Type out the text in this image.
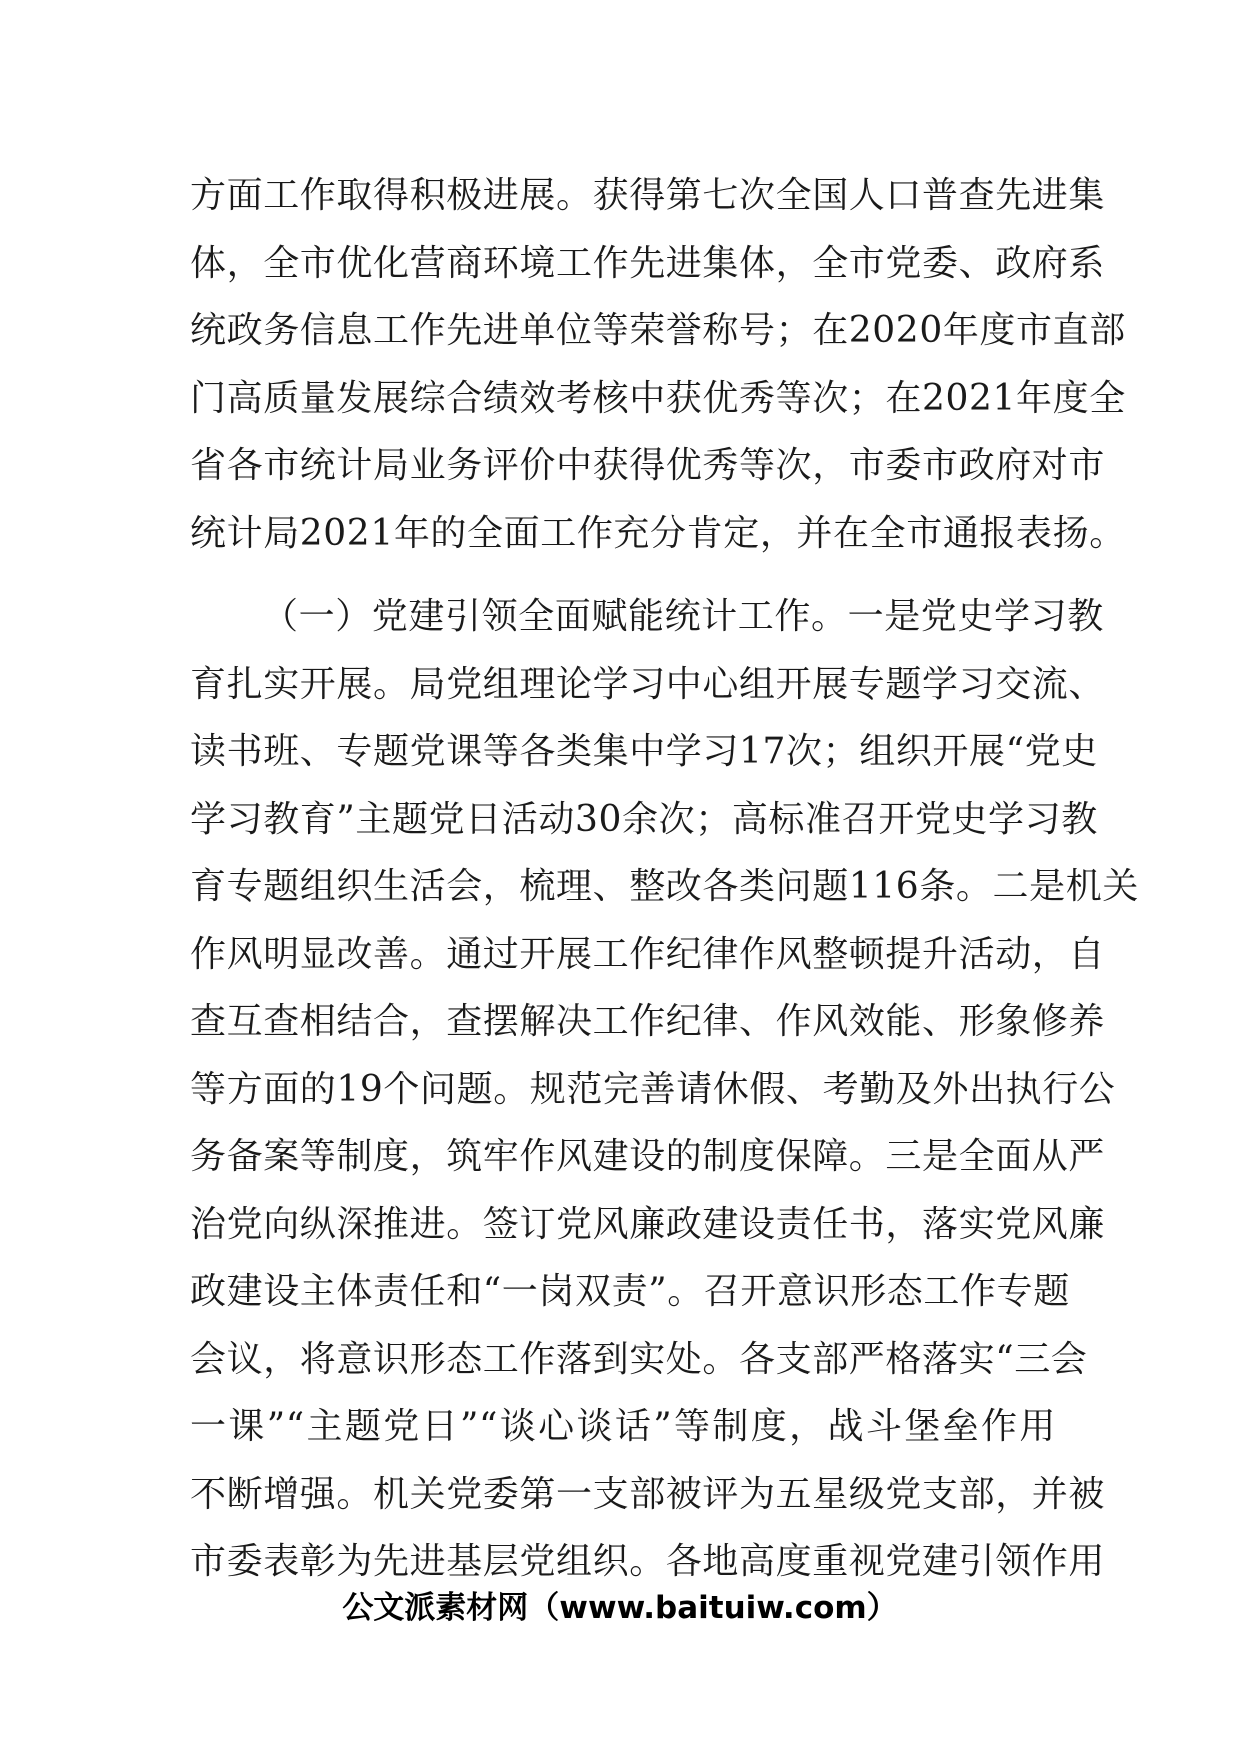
方面工作取得积极进展。获得第七次全国人口普查先进集
体，全市优化营商环境工作先进集体，全市党委、政府系
统政务信息工作先进单位等荣誉称号；在2020年度市直部
门高质量发展综合绩效考核中获优秀等次；在2021年度全
省各市统计局业务评价中获得优秀等次，市委市政府对市
统计局2021年的全面工作充分肯定，并在全市通报表扬。
（一）党建引领全面赋能统计工作。一是党史学习教
育扎实开展。局党组理论学习中心组开展专题学习交流、
读书班、专题党课等各类集中学习17次；组织开展“党史
学习教育”主题党日活动30余次；高标准召开党史学习教
育专题组织生活会，梳理、整改各类问题116条。二是机关
作风明显改善。通过开展工作纪律作风整顿提升活动，自
查互查相结合，查摆解决工作纪律、作风效能、形象修养
等方面的19个问题。规范完善请休假、考勤及外出执行公
务备案等制度，筑牢作风建设的制度保障。三是全面从严
治党向纵深推进。签订党风廉政建设责任书，落实党风廉
政建设主体责任和“一岗双责”。召开意识形态工作专题
会议，将意识形态工作落到实处。各支部严格落实“三会
一课”“主题党日”“谈心谈话”等制度，战斗堡垒作用
不断增强。机关党委第一支部被评为五星级党支部，并被
市委表彰为先进基层党组织。各地高度重视党建引领作用
公文派素材网（www.baituiw.com）
